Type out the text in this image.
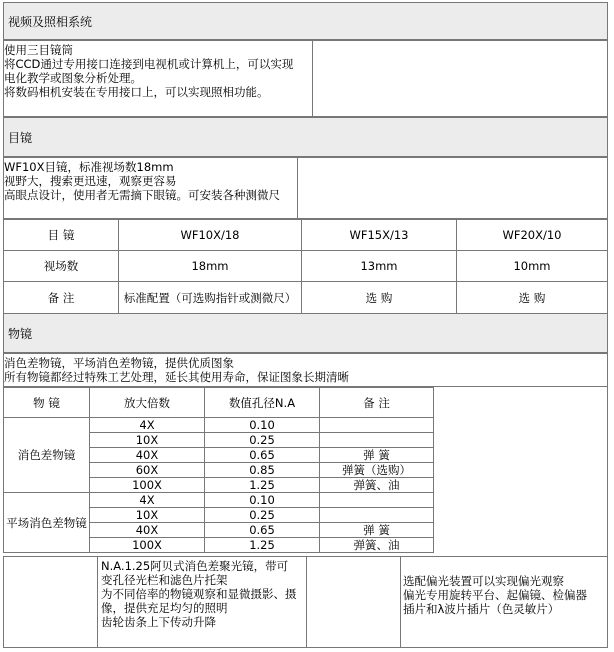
视频及照相系统
使用三目镜筒
将CCD通过专用接口连接到电视机或计算机上，可以实现
电化教学或图象分析处理。
将数码相机安装在专用接口上，可以实现照相功能。
目镜
WF10X目镜，标准视场数18mm
视野大，搜索更迅速，观察更容易
高眼点设计，使用者无需摘下眼镜。可安装各种测微尺
目 镜	WF10X/18	WF15X/13	WF20X/10
视场数	18mm	13mm	10mm
备 注	标准配置（可选购指针或测微尺）	选 购	选 购
物镜
消色差物镜，平场消色差物镜，提供优质图象
所有物镜都经过特殊工艺处理，延长其使用寿命，保证图象长期清晰
物 镜	放大倍数	数值孔径N.A	备 注
消色差物镜	4X	0.10	
	10X	0.25	
	40X	0.65	弹 簧
	60X	0.85	弹簧（选购）
	100X	1.25	弹簧、油
平场消色差物镜	4X	0.10	
	10X	0.25	
	40X	0.65	弹 簧
	100X	1.25	弹簧、油
N.A.1.25阿贝式消色差聚光镜，带可
变孔径光栏和滤色片托架
为不同倍率的物镜观察和显微摄影、摄
像，提供充足均匀的照明
齿轮齿条上下传动升降
选配偏光装置可以实现偏光观察
偏光专用旋转平台、起偏镜、检偏器
插片和λ波片插片（色灵敏片）
